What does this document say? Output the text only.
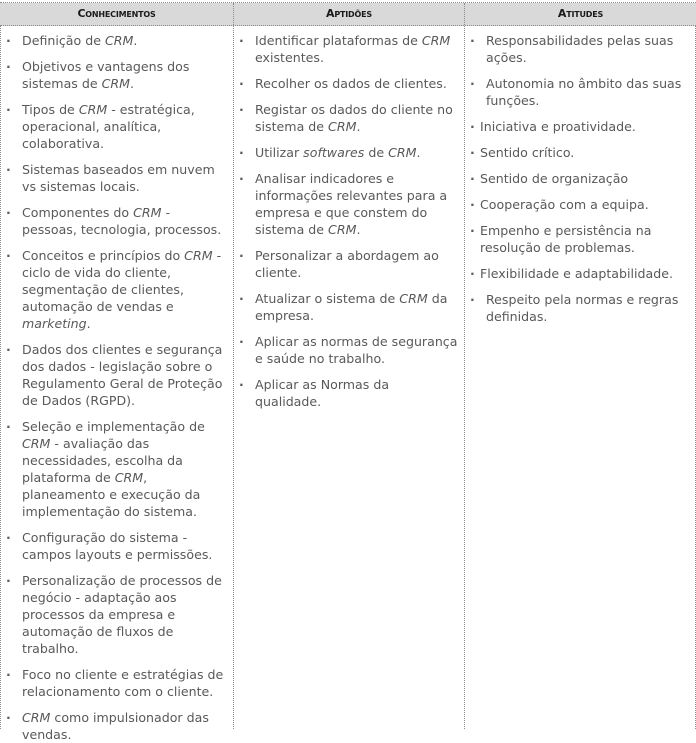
Conhecimentos	Aptidões	Atitudes
· Definição de CRM.
· Objetivos e vantagens dos sistemas de CRM.
· Tipos de CRM - estratégica, operacional, analítica, colaborativa.
· Sistemas baseados em nuvem vs sistemas locais.
· Componentes do CRM - pessoas, tecnologia, processos.
· Conceitos e princípios do CRM - ciclo de vida do cliente, segmentação de clientes, automação de vendas e marketing.
· Dados dos clientes e segurança dos dados - legislação sobre o Regulamento Geral de Proteção de Dados (RGPD).
· Seleção e implementação de CRM - avaliação das necessidades, escolha da plataforma de CRM, planeamento e execução da implementação do sistema.
· Configuração do sistema - campos layouts e permissões.
· Personalização de processos de negócio - adaptação aos processos da empresa e automação de fluxos de trabalho.
· Foco no cliente e estratégias de relacionamento com o cliente.
· CRM como impulsionador das vendas.
· Identificar plataformas de CRM existentes.
· Recolher os dados de clientes.
· Registar os dados do cliente no sistema de CRM.
· Utilizar softwares de CRM.
· Analisar indicadores e informações relevantes para a empresa e que constem do sistema de CRM.
· Personalizar a abordagem ao cliente.
· Atualizar o sistema de CRM da empresa.
· Aplicar as normas de segurança e saúde no trabalho.
· Aplicar as Normas da qualidade.
· Responsabilidades pelas suas ações.
· Autonomia no âmbito das suas funções.
· Iniciativa e proatividade.
· Sentido crítico.
· Sentido de organização
· Cooperação com a equipa.
· Empenho e persistência na resolução de problemas.
· Flexibilidade e adaptabilidade.
· Respeito pela normas e regras definidas.
